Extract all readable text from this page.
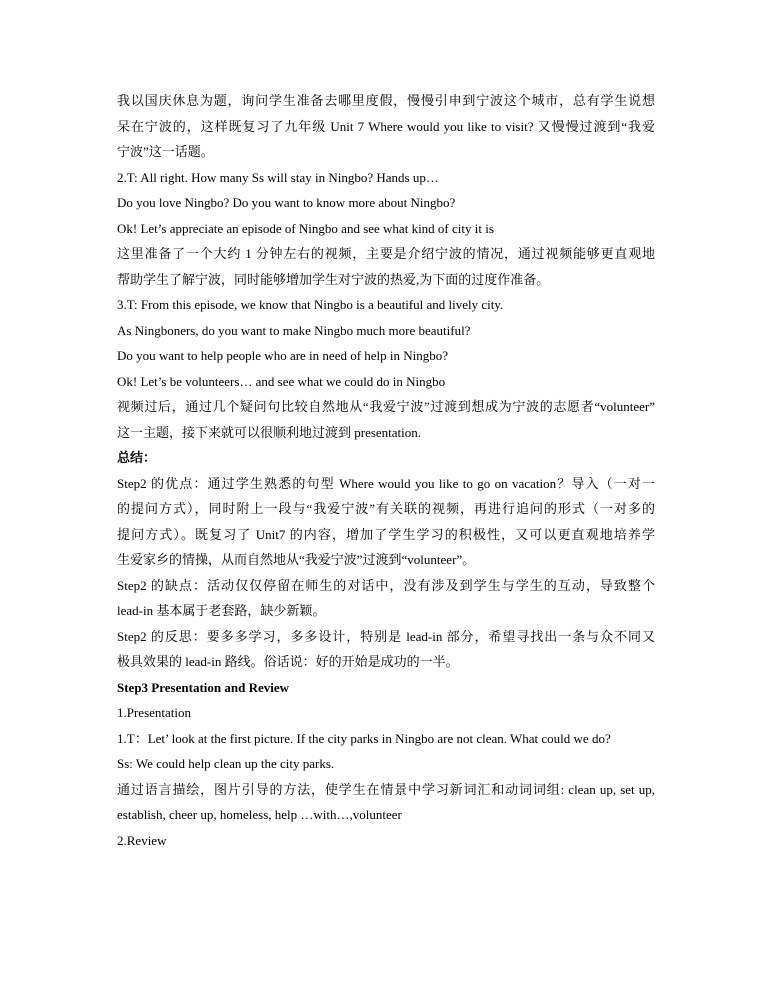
我以国庆休息为题，询问学生准备去哪里度假，慢慢引申到宁波这个城市，总有学生说想
呆在宁波的，这样既复习了九年级 Unit 7 Where would you like to visit? 又慢慢过渡到“我爱
宁波”这一话题。
2.T: All right. How many Ss will stay in Ningbo? Hands up…
Do you love Ningbo? Do you want to know more about Ningbo?
Ok! Let’s appreciate an episode of Ningbo and see what kind of city it is
这里准备了一个大约 1 分钟左右的视频，主要是介绍宁波的情况，通过视频能够更直观地
帮助学生了解宁波，同时能够增加学生对宁波的热爱,为下面的过度作准备。
3.T: From this episode, we know that Ningbo is a beautiful and lively city.
As Ningboners, do you want to make Ningbo much more beautiful?
Do you want to help people who are in need of help in Ningbo?
Ok! Let’s be volunteers… and see what we could do in Ningbo
视频过后，通过几个疑问句比较自然地从“我爱宁波”过渡到想成为宁波的志愿者“volunteer”
这一主题，接下来就可以很顺利地过渡到 presentation.
总结：
Step2 的优点：通过学生熟悉的句型 Where would you like to go on vacation？导入（一对一
的提问方式），同时附上一段与“我爱宁波”有关联的视频，再进行追问的形式（一对多的
提问方式）。既复习了 Unit7 的内容，增加了学生学习的积极性，又可以更直观地培养学
生爱家乡的情操，从而自然地从“我爱宁波”过渡到“volunteer”。
Step2 的缺点：活动仅仅停留在师生的对话中，没有涉及到学生与学生的互动，导致整个
lead-in 基本属于老套路，缺少新颖。
Step2 的反思：要多多学习，多多设计，特别是 lead-in 部分，希望寻找出一条与众不同又
极具效果的 lead-in 路线。俗话说：好的开始是成功的一半。
Step3 Presentation and Review
1.Presentation
1.T：Let’ look at the first picture. If the city parks in Ningbo are not clean. What could we do?
Ss: We could help clean up the city parks.
通过语言描绘，图片引导的方法，使学生在情景中学习新词汇和动词词组: clean up, set up,
establish, cheer up, homeless, help …with…,volunteer
2.Review
